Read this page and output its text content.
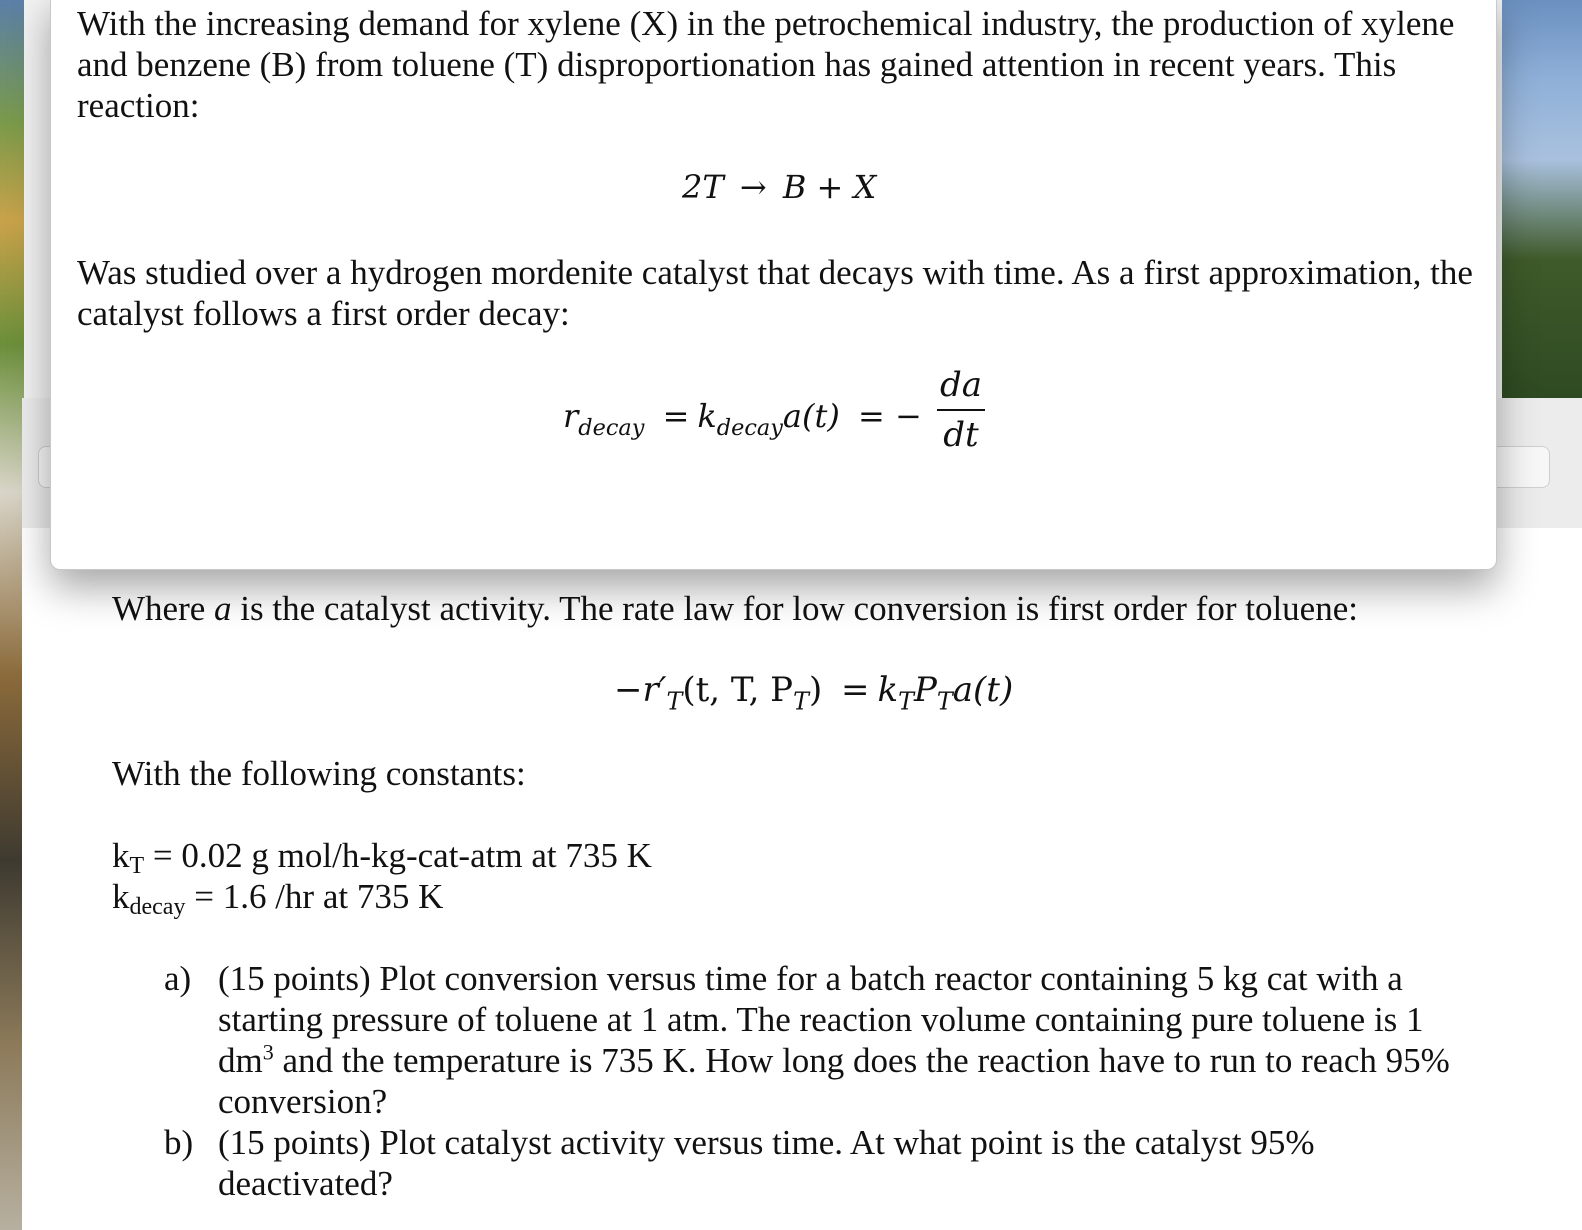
Where a is the catalyst activity. The rate law for low conversion is first order for toluene:
$-r'_T(t$, T, $P_T) = k_TP_Ta(t)$
With the following constants:
$k_T = 0.02$ g mol/h-kg-cat-atm at 735 K
$k_{decay} = 1.6$ /hr at 735 K
a) (15 points) Plot conversion versus time for a batch reactor containing 5 kg cat with a
starting pressure of toluene at 1 atm. The reaction volume containing pure toluene is 1
$dm^3$ and the temperature is 735 K. How long does the reaction have to run to reach 95%
conversion?
b) (15 points) Plot catalyst activity versus time. At what point is the catalyst 95%
deactivated?
With the increasing demand for xylene (X) in the petrochemical industry, the production of xylene and benzene (B) from toluene (T) disproportionation has gained attention in recent years. This reaction:
2T → B + X
Was studied over a hydrogen mordenite catalyst that decays with time. As a first approximation, the catalyst follows a first order decay:
$r_{decay} = k_{decay}a(t)$ = −
da
dt
